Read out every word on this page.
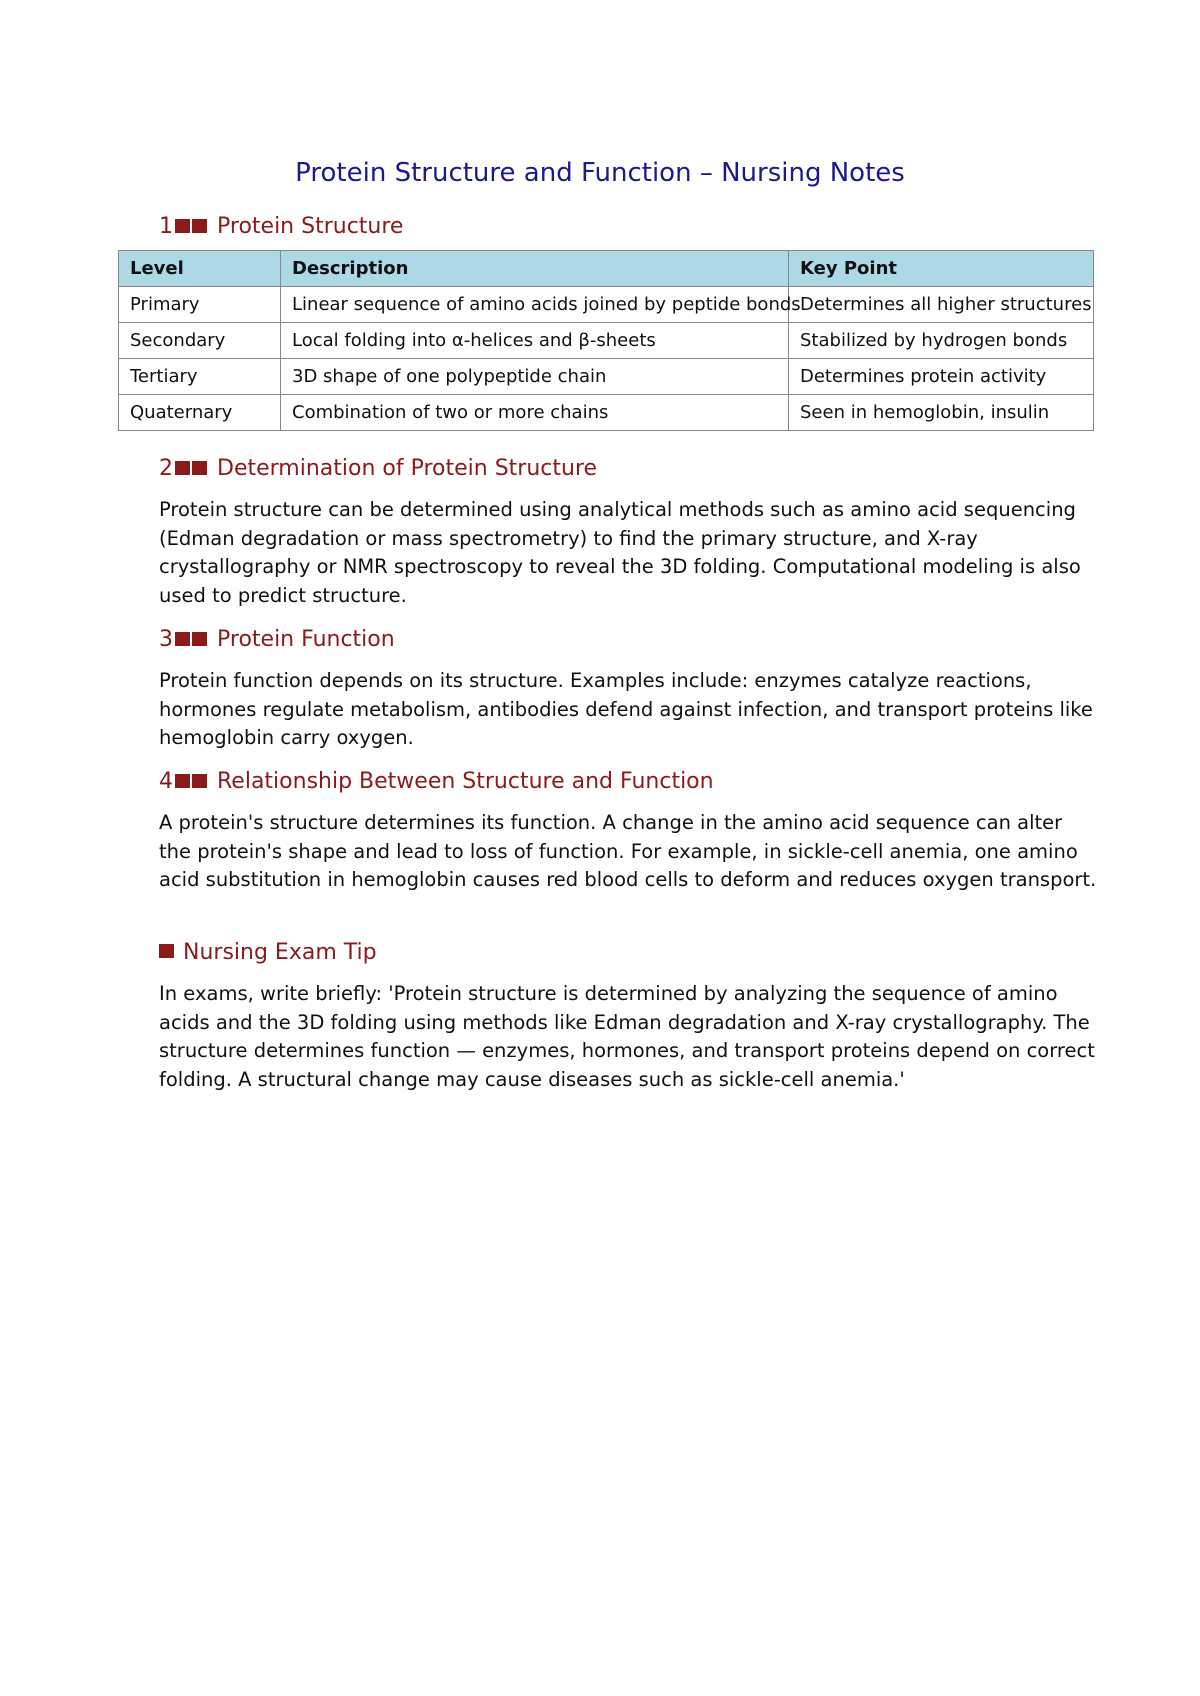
Protein Structure and Function – Nursing Notes
1 Protein Structure
Level	Description	Key Point
Primary	Linear sequence of amino acids joined by peptide bonds	Determines all higher structures
Secondary	Local folding into α-helices and β-sheets	Stabilized by hydrogen bonds
Tertiary	3D shape of one polypeptide chain	Determines protein activity
Quaternary	Combination of two or more chains	Seen in hemoglobin, insulin
2 Determination of Protein Structure

Protein structure can be determined using analytical methods such as amino acid sequencing (Edman degradation or mass spectrometry) to find the primary structure, and X-ray crystallography or NMR spectroscopy to reveal the 3D folding. Computational modeling is also used to predict structure.

3 Protein Function

Protein function depends on its structure. Examples include: enzymes catalyze reactions, hormones regulate metabolism, antibodies defend against infection, and transport proteins like hemoglobin carry oxygen.

4 Relationship Between Structure and Function

A protein's structure determines its function. A change in the amino acid sequence can alter the protein's shape and lead to loss of function. For example, in sickle-cell anemia, one amino acid substitution in hemoglobin causes red blood cells to deform and reduces oxygen transport.

Nursing Exam Tip

In exams, write briefly: 'Protein structure is determined by analyzing the sequence of amino acids and the 3D folding using methods like Edman degradation and X-ray crystallography. The structure determines function — enzymes, hormones, and transport proteins depend on correct folding. A structural change may cause diseases such as sickle-cell anemia.'
